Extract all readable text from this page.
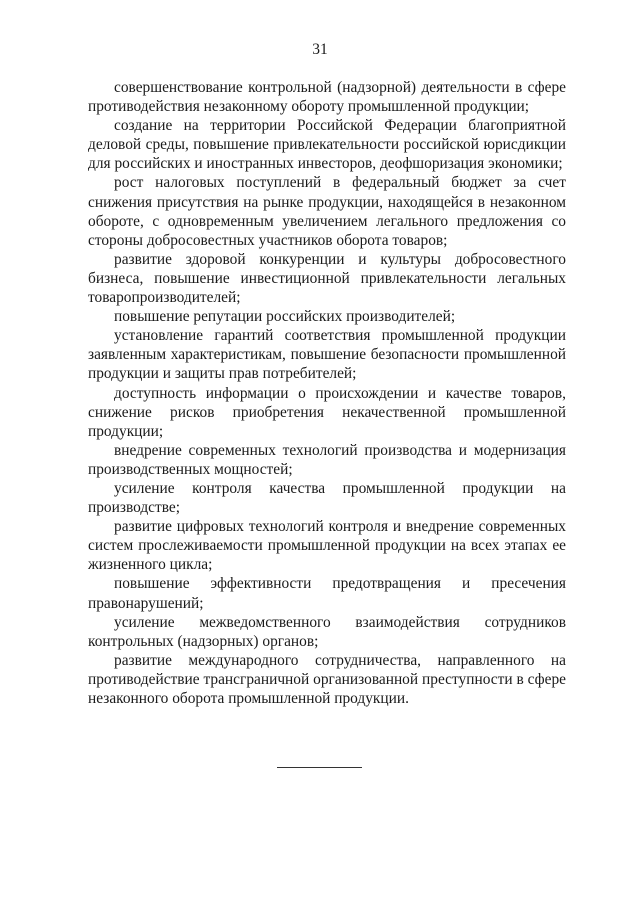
31

совершенствование контрольной (надзорной) деятельности в сфере противодействия незаконному обороту промышленной продукции;

создание на территории Российской Федерации благоприятной деловой среды, повышение привлекательности российской юрисдикции для российских и иностранных инвесторов, деофшоризация экономики;

рост налоговых поступлений в федеральный бюджет за счет снижения присутствия на рынке продукции, находящейся в незаконном обороте, с одновременным увеличением легального предложения со стороны добросовестных участников оборота товаров;

развитие здоровой конкуренции и культуры добросовестного бизнеса, повышение инвестиционной привлекательности легальных товаропроизводителей;

повышение репутации российских производителей;

установление гарантий соответствия промышленной продукции заявленным характеристикам, повышение безопасности промышленной продукции и защиты прав потребителей;

доступность информации о происхождении и качестве товаров, снижение рисков приобретения некачественной промышленной продукции;

внедрение современных технологий производства и модернизация производственных мощностей;

усиление контроля качества промышленной продукции на производстве;

развитие цифровых технологий контроля и внедрение современных систем прослеживаемости промышленной продукции на всех этапах ее жизненного цикла;

повышение эффективности предотвращения и пресечения правонарушений;

усиление межведомственного взаимодействия сотрудников контрольных (надзорных) органов;

развитие международного сотрудничества, направленного на противодействие трансграничной организованной преступности в сфере незаконного оборота промышленной продукции.
